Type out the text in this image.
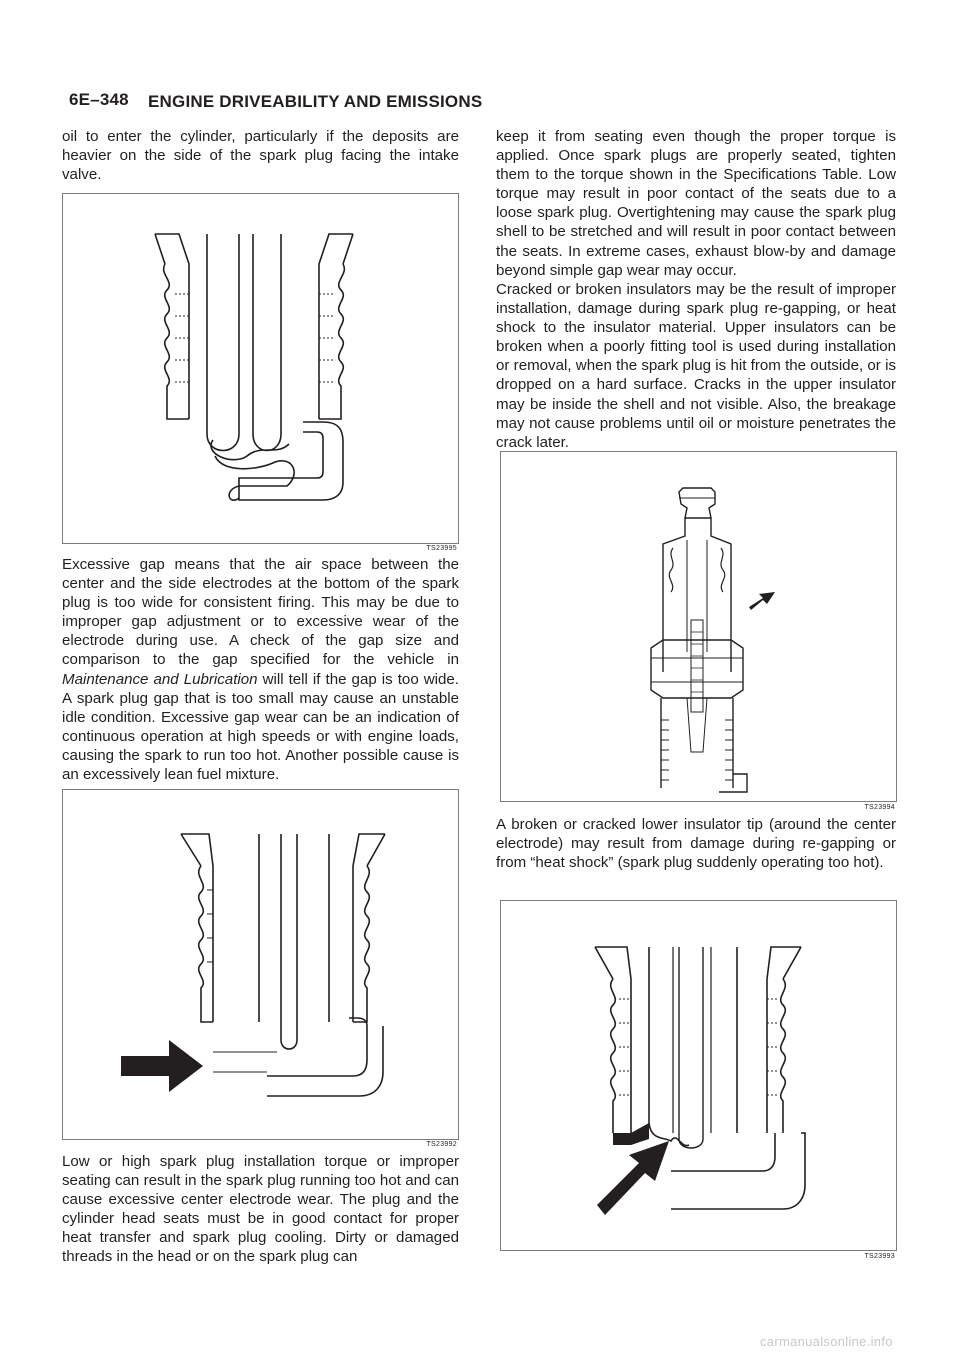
6E–348 ENGINE DRIVEABILITY AND EMISSIONS

oil to enter the cylinder, particularly if the deposits are heavier on the side of the spark plug facing the intake valve.

TS23995

Excessive gap means that the air space between the center and the side electrodes at the bottom of the spark plug is too wide for consistent firing. This may be due to improper gap adjustment or to excessive wear of the electrode during use. A check of the gap size and comparison to the gap specified for the vehicle in Maintenance and Lubrication will tell if the gap is too wide. A spark plug gap that is too small may cause an unstable idle condition. Excessive gap wear can be an indication of continuous operation at high speeds or with engine loads, causing the spark to run too hot. Another possible cause is an excessively lean fuel mixture.

TS23992

Low or high spark plug installation torque or improper seating can result in the spark plug running too hot and can cause excessive center electrode wear. The plug and the cylinder head seats must be in good contact for proper heat transfer and spark plug cooling. Dirty or damaged threads in the head or on the spark plug can

keep it from seating even though the proper torque is applied. Once spark plugs are properly seated, tighten them to the torque shown in the Specifications Table. Low torque may result in poor contact of the seats due to a loose spark plug. Overtightening may cause the spark plug shell to be stretched and will result in poor contact between the seats. In extreme cases, exhaust blow-by and damage beyond simple gap wear may occur.

Cracked or broken insulators may be the result of improper installation, damage during spark plug re-gapping, or heat shock to the insulator material. Upper insulators can be broken when a poorly fitting tool is used during installation or removal, when the spark plug is hit from the outside, or is dropped on a hard surface. Cracks in the upper insulator may be inside the shell and not visible. Also, the breakage may not cause problems until oil or moisture penetrates the crack later.

TS23994

A broken or cracked lower insulator tip (around the center electrode) may result from damage during re-gapping or from “heat shock” (spark plug suddenly operating too hot).

TS23993
carmanualsonline.info
